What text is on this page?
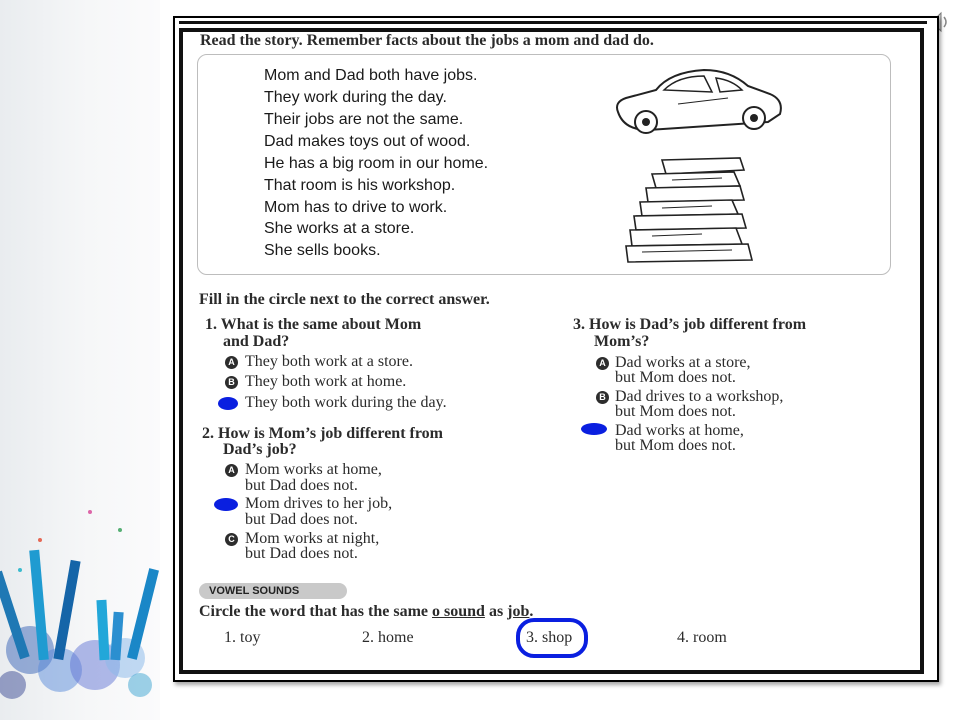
Read the story. Remember facts about the jobs a mom and dad do.
Mom and Dad both have jobs.
They work during the day.
Their jobs are not the same.
Dad makes toys out of wood.
He has a big room in our home.
That room is his workshop.
Mom has to drive to work.
She works at a store.
She sells books.
Fill in the circle next to the correct answer.
1. What is the same about Mom
and Dad?
A They both work at a store.
B They both work at home.
They both work during the day.
2. How is Mom’s job different from
Dad’s job?
A Mom works at home,
but Dad does not.
Mom drives to her job,
but Dad does not.
C Mom works at night,
but Dad does not.
3. How is Dad’s job different from
Mom’s?
A Dad works at a store,
but Mom does not.
B Dad drives to a workshop,
but Mom does not.
Dad works at home,
but Mom does not.
VOWEL SOUNDS
Circle the word that has the same o sound as job.
1. toy	2. home	3. shop	4. room
